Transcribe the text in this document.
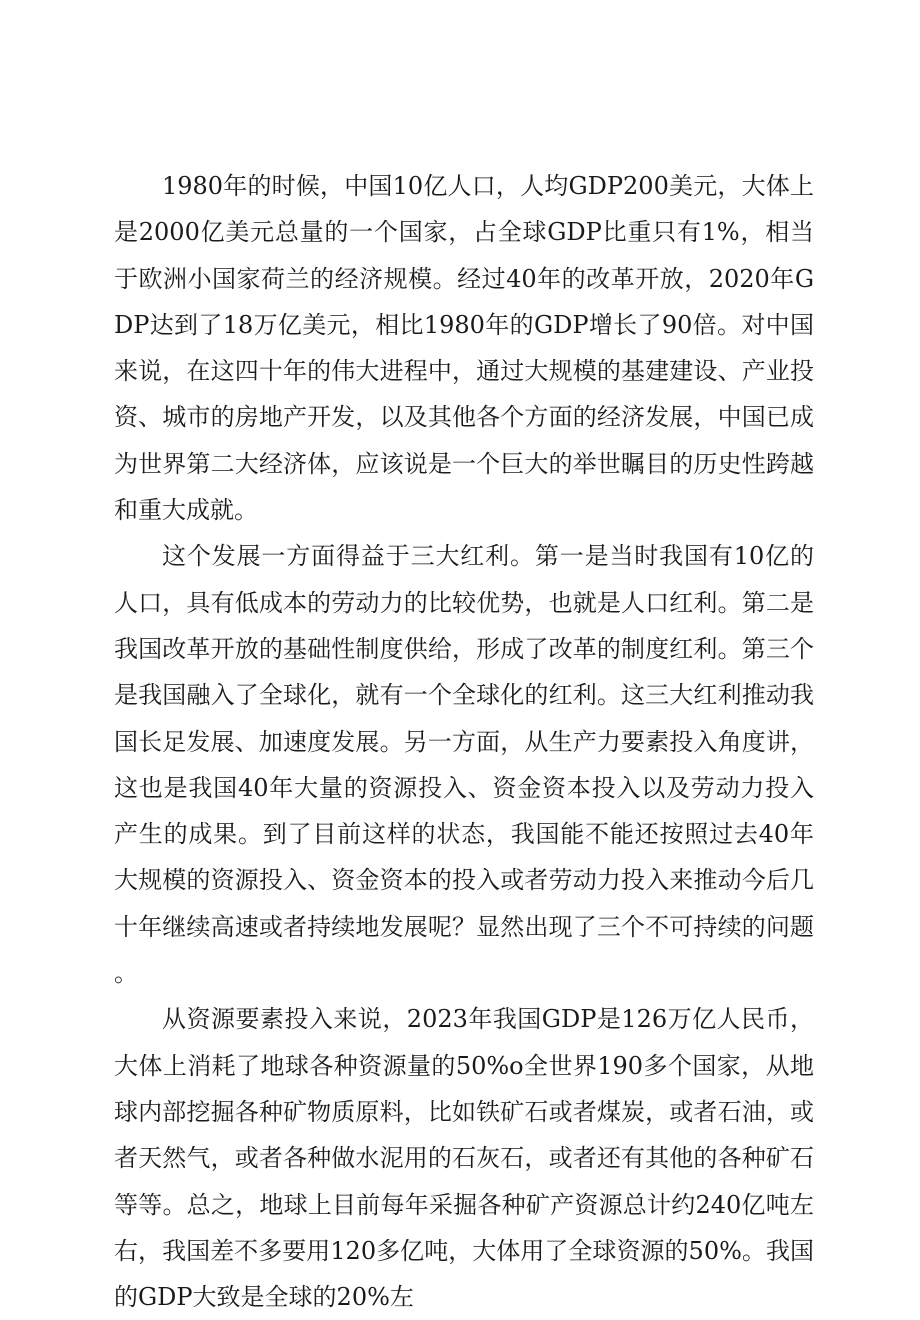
1980年的时候，中国10亿人口，人均GDP200美元，大体上是2000亿美元总量的一个国家，占全球GDP比重只有1%，相当于欧洲小国家荷兰的经济规模。经过40年的改革开放，2020年GDP达到了18万亿美元，相比1980年的GDP增长了90倍。对中国来说，在这四十年的伟大进程中，通过大规模的基建建设、产业投资、城市的房地产开发，以及其他各个方面的经济发展，中国已成为世界第二大经济体，应该说是一个巨大的举世瞩目的历史性跨越和重大成就。

这个发展一方面得益于三大红利。第一是当时我国有10亿的人口，具有低成本的劳动力的比较优势，也就是人口红利。第二是我国改革开放的基础性制度供给，形成了改革的制度红利。第三个是我国融入了全球化，就有一个全球化的红利。这三大红利推动我国长足发展、加速度发展。另一方面，从生产力要素投入角度讲，这也是我国40年大量的资源投入、资金资本投入以及劳动力投入产生的成果。到了目前这样的状态，我国能不能还按照过去40年大规模的资源投入、资金资本的投入或者劳动力投入来推动今后几十年继续高速或者持续地发展呢？显然出现了三个不可持续的问题。

从资源要素投入来说，2023年我国GDP是126万亿人民币，大体上消耗了地球各种资源量的50%o全世界190多个国家，从地球内部挖掘各种矿物质原料，比如铁矿石或者煤炭，或者石油，或者天然气，或者各种做水泥用的石灰石，或者还有其他的各种矿石等等。总之，地球上目前每年采掘各种矿产资源总计约240亿吨左右，我国差不多要用120多亿吨，大体用了全球资源的50%。我国的GDP大致是全球的20%左
